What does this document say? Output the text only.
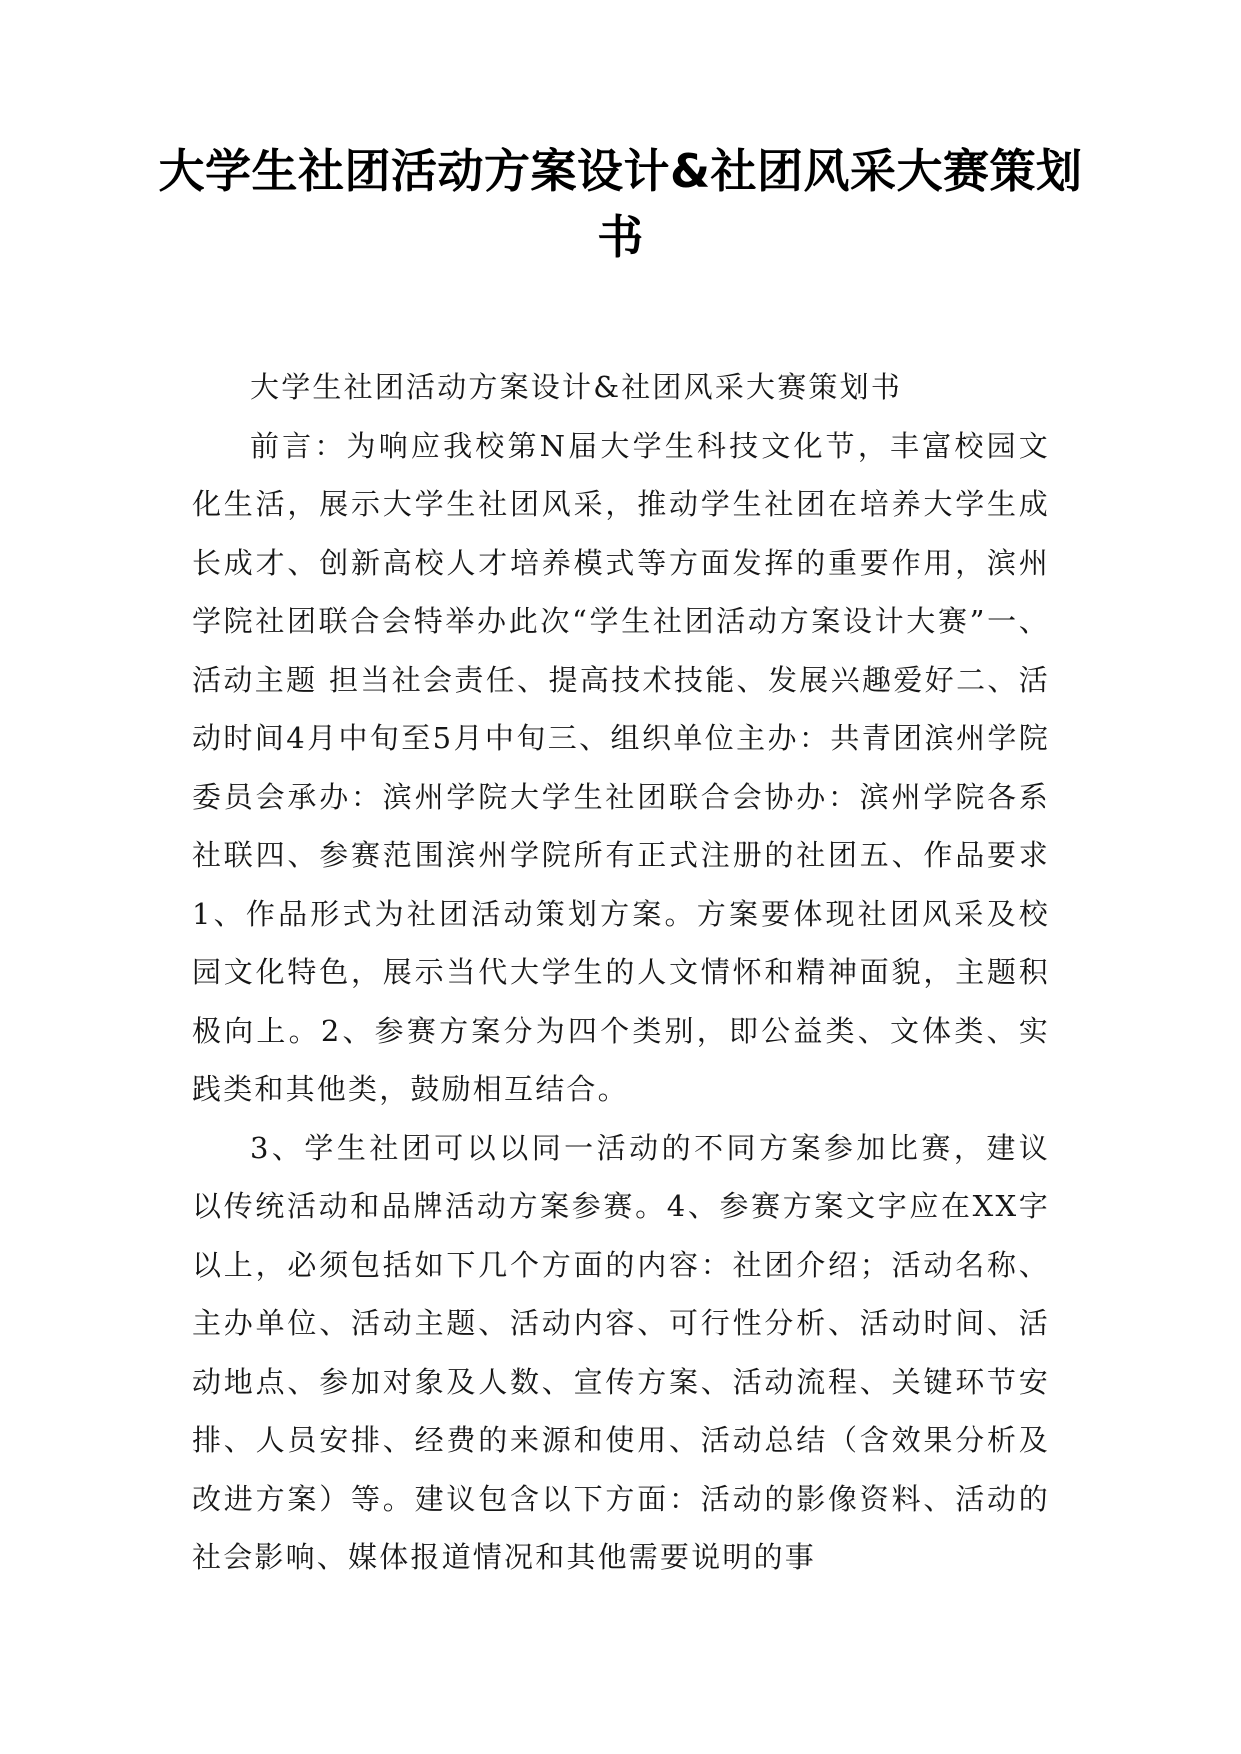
大学生社团活动方案设计&社团风采大赛策划书

大学生社团活动方案设计&社团风采大赛策划书

前言：为响应我校第N届大学生科技文化节，丰富校园文化生活，展示大学生社团风采，推动学生社团在培养大学生成长成才、创新高校人才培养模式等方面发挥的重要作用，滨州学院社团联合会特举办此次“学生社团活动方案设计大赛”一、活动主题 担当社会责任、提高技术技能、发展兴趣爱好二、活动时间4月中旬至5月中旬三、组织单位主办：共青团滨州学院委员会承办：滨州学院大学生社团联合会协办：滨州学院各系社联四、参赛范围滨州学院所有正式注册的社团五、作品要求1、作品形式为社团活动策划方案。方案要体现社团风采及校园文化特色，展示当代大学生的人文情怀和精神面貌，主题积极向上。2、参赛方案分为四个类别，即公益类、文体类、实践类和其他类，鼓励相互结合。

3、学生社团可以以同一活动的不同方案参加比赛，建议以传统活动和品牌活动方案参赛。4、参赛方案文字应在XX字以上，必须包括如下几个方面的内容：社团介绍；活动名称、主办单位、活动主题、活动内容、可行性分析、活动时间、活动地点、参加对象及人数、宣传方案、活动流程、关键环节安排、人员安排、经费的来源和使用、活动总结（含效果分析及改进方案）等。建议包含以下方面：活动的影像资料、活动的社会影响、媒体报道情况和其他需要说明的事
